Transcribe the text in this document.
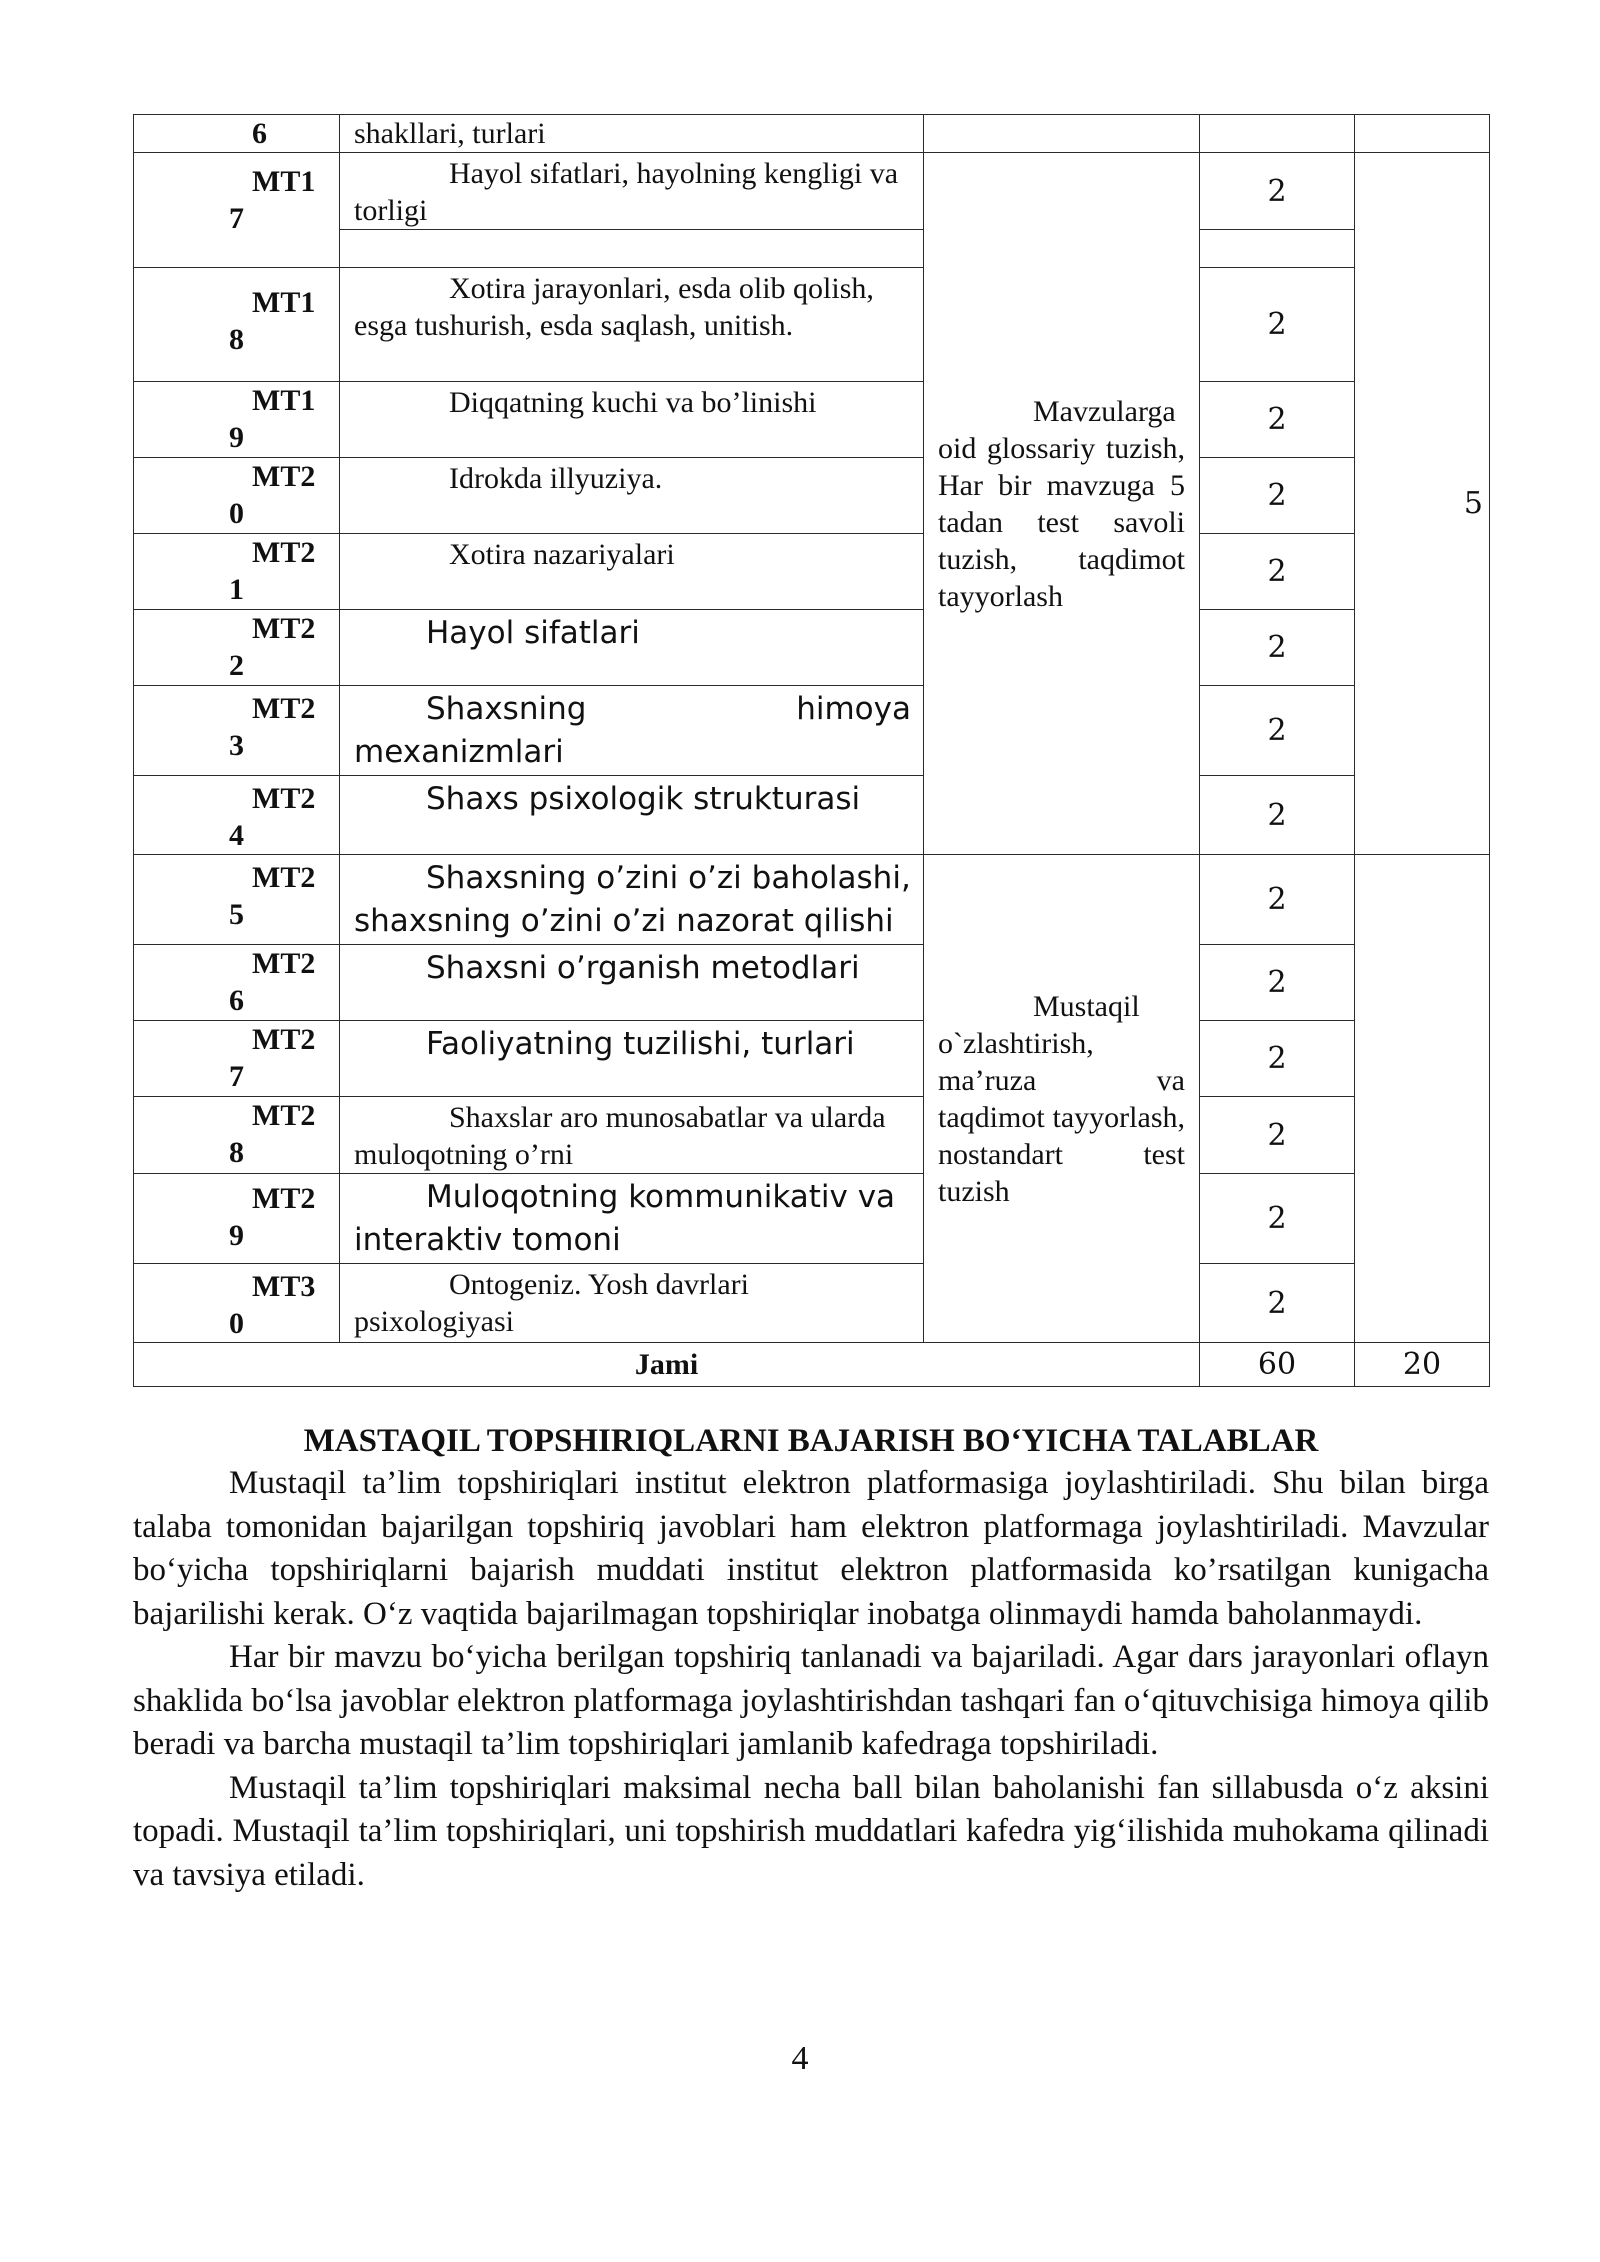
6	shakllari, turlari			

MT1
7	Hayol sifatlari, hayolning kengligi va torligi	Mavzularga oid glossariy tuzish, Har bir mavzuga 5 tadan test savoli tuzish, taqdimot tayyorlash	2	5

MT1
8	Xotira jarayonlari, esda olib qolish, esga tushurish, esda saqlash, unitish.		2	

MT1
9	Diqqatning kuchi va bo’linishi		2	

MT2
0	Idrokda illyuziya.		2	

MT2
1	Xotira nazariyalari		2	

MT2
2	Hayol sifatlari		2	

MT2
3	Shaxsning himoya mexanizmlari		2	

MT2
4	Shaxs psixologik strukturasi		2	

MT2
5	Shaxsning o’zini o’zi baholashi, shaxsning o’zini o’zi nazorat qilishi	Mustaqil o`zlashtirish, ma’ruza va taqdimot tayyorlash, nostandart test tuzish	2	

MT2
6	Shaxsni o’rganish metodlari		2	

MT2
7	Faoliyatning tuzilishi, turlari		2	

MT2
8	Shaxslar aro munosabatlar va ularda muloqotning o’rni		2	

MT2
9	Muloqotning kommunikativ va interaktiv tomoni		2	

MT3
0	Ontogeniz. Yosh davrlari psixologiyasi		2	
Jami			60	20
MASTAQIL TOPSHIRIQLARNI BAJARISH BO‘YICHA TALABLAR

Mustaqil ta’lim topshiriqlari institut elektron platformasiga joylashtiriladi. Shu bilan birga talaba tomonidan bajarilgan topshiriq javoblari ham elektron platformaga joylashtiriladi. Mavzular bo‘yicha topshiriqlarni bajarish muddati institut elektron platformasida ko’rsatilgan kunigacha bajarilishi kerak. O‘z vaqtida bajarilmagan topshiriqlar inobatga olinmaydi hamda baholanmaydi.

Har bir mavzu bo‘yicha berilgan topshiriq tanlanadi va bajariladi. Agar dars jarayonlari oflayn shaklida bo‘lsa javoblar elektron platformaga joylashtirishdan tashqari fan o‘qituvchisiga himoya qilib beradi va barcha mustaqil ta’lim topshiriqlari jamlanib kafedraga topshiriladi.

Mustaqil ta’lim topshiriqlari maksimal necha ball bilan baholanishi fan sillabusda o‘z aksini topadi. Mustaqil ta’lim topshiriqlari, uni topshirish muddatlari kafedra yig‘ilishida muhokama qilinadi va tavsiya etiladi.

4
